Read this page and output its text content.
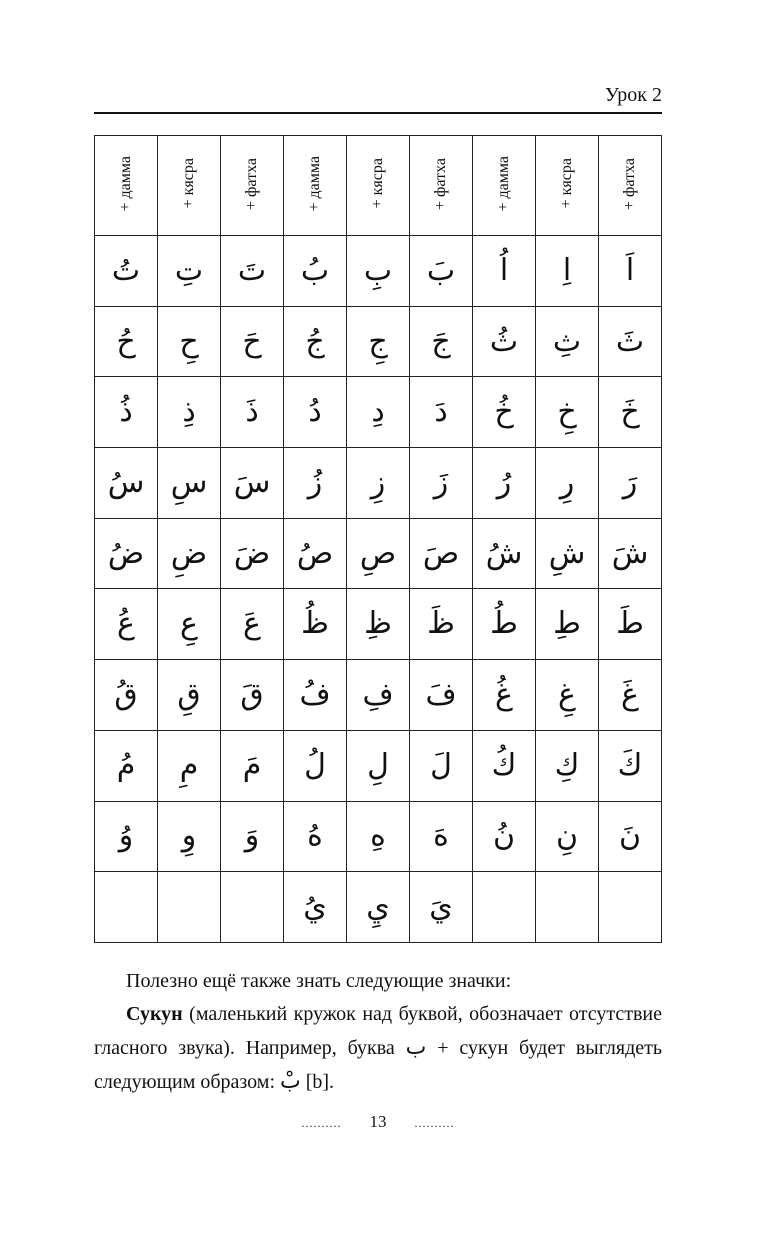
Урок 2
+ дамма	+ кясра	+ фатха	+ дамма	+ кясра	+ фатха	+ дамма	+ кясра	+ фатха
تُ	تِ	تَ	بُ	بِ	بَ	اُ	اِ	اَ
حُ	حِ	حَ	جُ	جِ	جَ	ثُ	ثِ	ثَ
ذُ	ذِ	ذَ	دُ	دِ	دَ	خُ	خِ	خَ
سُ	سِ	سَ	زُ	زِ	زَ	رُ	رِ	رَ
ضُ	ضِ	ضَ	صُ	صِ	صَ	شُ	شِ	شَ
عُ	عِ	عَ	ظُ	ظِ	ظَ	طُ	طِ	طَ
قُ	قِ	قَ	فُ	فِ	فَ	غُ	غِ	غَ
مُ	مِ	مَ	لُ	لِ	لَ	كُ	كِ	كَ
وُ	وِ	وَ	هُ	هِ	هَ	نُ	نِ	نَ
			يُ	يِ	يَ			
Полезно ещё также знать следующие значки:
Сукун (маленький кружок над буквой, обозначает отсутствие гласного звука). Например, буква ب + сукун будет выглядеть следующим образом: بْ [b].
.......... 13 ..........
